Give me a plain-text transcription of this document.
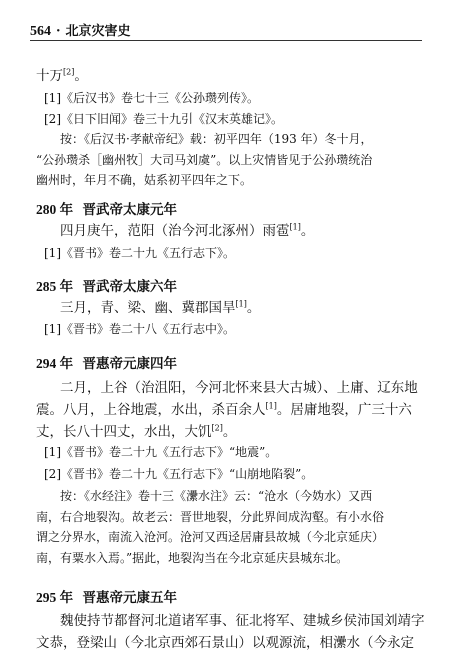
564 · 北京灾害史
十万[2]。
[1]《后汉书》卷七十三《公孙瓒列传》。
[2]《日下旧闻》卷三十九引《汉末英雄记》。
按：《后汉书·孝献帝纪》载：初平四年（193 年）冬十月，
“公孙瓒杀［幽州牧］大司马刘虞”。以上灾情皆见于公孙瓒统治
幽州时，年月不确，姑系初平四年之下。
280 年 晋武帝太康元年
四月庚午，范阳（治今河北涿州）雨雹[1]。
[1]《晋书》卷二十九《五行志下》。
285 年 晋武帝太康六年
三月，青、梁、幽、冀郡国旱[1]。
[1]《晋书》卷二十八《五行志中》。
294 年 晋惠帝元康四年
二月，上谷（治沮阳，今河北怀来县大古城）、上庸、辽东地
震。八月，上谷地震，水出，杀百余人[1]。居庸地裂，广三十六
丈，长八十四丈，水出，大饥[2]。
[1]《晋书》卷二十九《五行志下》“地震”。
[2]《晋书》卷二十九《五行志下》“山崩地陷裂”。
按：《水经注》卷十三《㶟水注》云：“沧水（今妫水）又西
南，右合地裂沟。故老云：晋世地裂，分此界间成沟壑。有小水俗
谓之分界水，南流入沧河。沧河又西迳居庸县故城（今北京延庆）
南，有粟水入焉。”据此，地裂沟当在今北京延庆县城东北。
295 年 晋惠帝元康五年
魏使持节都督河北道诸军事、征北将军、建城乡侯沛国刘靖字
文恭，登梁山（今北京西郊石景山）以观源流，相㶟水（今永定
